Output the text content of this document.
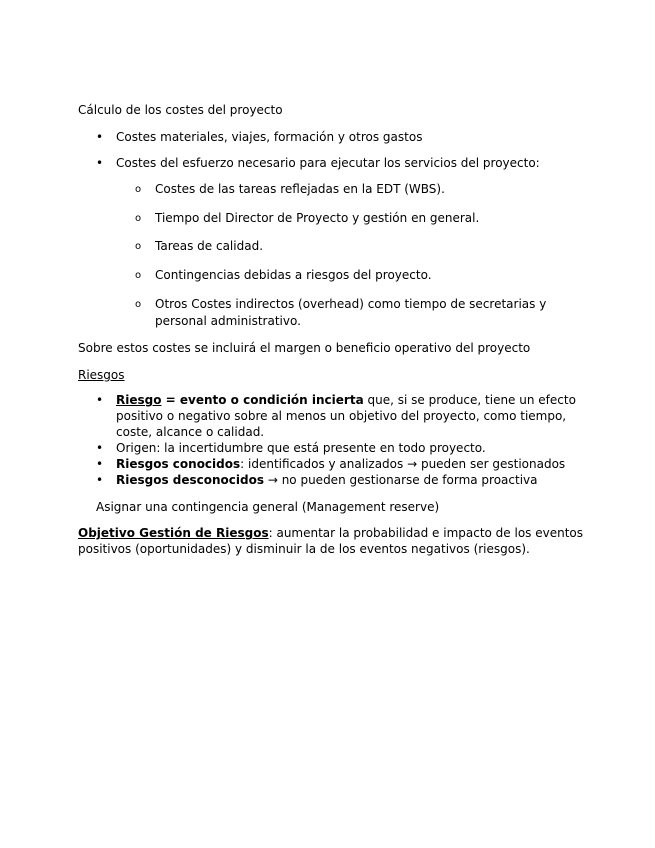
Cálculo de los costes del proyecto
• Costes materiales, viajes, formación y otros gastos
• Costes del esfuerzo necesario para ejecutar los servicios del proyecto:
o Costes de las tareas reflejadas en la EDT (WBS).
o Tiempo del Director de Proyecto y gestión en general.
o Tareas de calidad.
o Contingencias debidas a riesgos del proyecto.
o Otros Costes indirectos (overhead) como tiempo de secretarias y
personal administrativo.
Sobre estos costes se incluirá el margen o beneficio operativo del proyecto
Riesgos
• Riesgo = evento o condición incierta que, si se produce, tiene un efecto
positivo o negativo sobre al menos un objetivo del proyecto, como tiempo,
coste, alcance o calidad.
• Origen: la incertidumbre que está presente en todo proyecto.
• Riesgos conocidos: identificados y analizados → pueden ser gestionados
• Riesgos desconocidos → no pueden gestionarse de forma proactiva
Asignar una contingencia general (Management reserve)
Objetivo Gestión de Riesgos: aumentar la probabilidad e impacto de los eventos
positivos (oportunidades) y disminuir la de los eventos negativos (riesgos).
